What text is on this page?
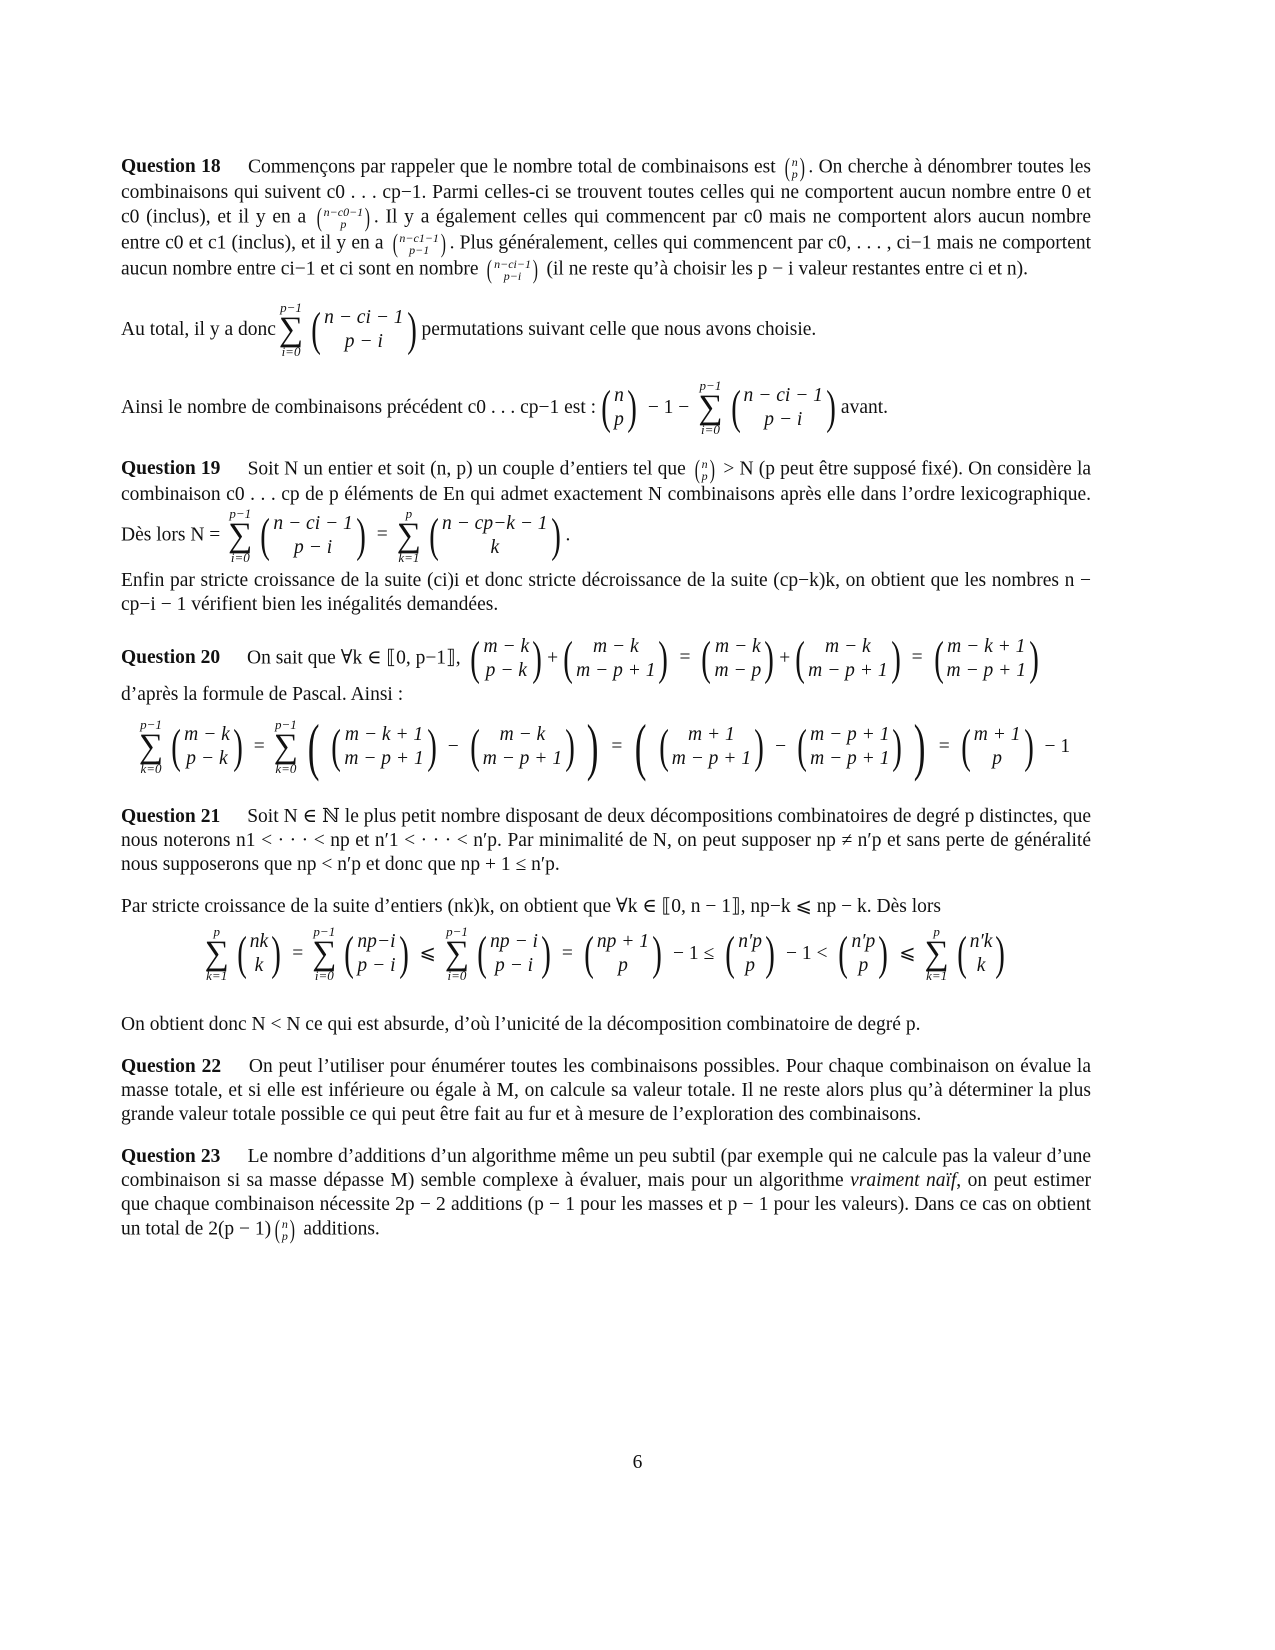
Question 18 Commençons par rappeler que le nombre total de combinaisons est ( n
p ) . On cherche à dénombrer toutes les combinaisons qui suivent c0 . . . cp−1. Parmi celles-ci se trouvent toutes celles qui ne comportent aucun nombre entre 0 et c0 (inclus), et il y en a ( n−c0−1
p ) . Il y a également celles qui commencent par c0 mais ne comportent alors aucun nombre entre c0 et c1 (inclus), et il y en a ( n−c1−1
p−1 ) . Plus généralement, celles qui commencent par c0, . . . , ci−1 mais ne comportent aucun nombre entre ci−1 et ci sont en nombre ( n−ci−1
p−i ) (il ne reste qu’à choisir les p − i valeur restantes entre ci et n).

Au total, il y a donc
p−1
∑
i=0 ( n − ci − 1
p − i ) permutations suivant celle que nous avons choisie.
Ainsi le nombre de combinaisons précédent c0 . . . cp−1 est : ( n
p ) − 1 −
p−1
∑
i=0 ( n − ci − 1
p − i ) avant.

Question 19 Soit N un entier et soit (n, p) un couple d’entiers tel que ( n
p ) > N (p peut être supposé fixé). On considère la combinaison c0 . . . cp de p éléments de En qui admet exactement N combinaisons après elle dans l’ordre lexicographique. Dès lors N =
p−1
∑
i=0 ( n − ci − 1
p − i ) =
p
∑
k=1 ( n − cp−k − 1
k ) .

Enfin par stricte croissance de la suite (ci)i et donc stricte décroissance de la suite (cp−k)k, on obtient que les nombres n − cp−i − 1 vérifient bien les inégalités demandées.

Question 20 On sait que ∀k ∈ ⟦0, p−1⟧, ( m − k
p − k ) + ( m − k
m − p + 1 ) = ( m − k
m − p ) + ( m − k
m − p + 1 ) = ( m − k + 1
m − p + 1 )

d’après la formule de Pascal. Ainsi :

p−1
∑
k=0 ( m − k
p − k ) =
p−1
∑
k=0 ( ( m − k + 1
m − p + 1 ) − ( m − k
m − p + 1 ) ) = ( ( m + 1
m − p + 1 ) − ( m − p + 1
m − p + 1 ) ) = ( m + 1
p ) − 1

Question 21 Soit N ∈ ℕ le plus petit nombre disposant de deux décompositions combinatoires de degré p distinctes, que nous noterons n1 < · · · < np et n′1 < · · · < n′p. Par minimalité de N, on peut supposer np ≠ n′p et sans perte de généralité nous supposerons que np < n′p et donc que np + 1 ≤ n′p.

Par stricte croissance de la suite d’entiers (nk)k, on obtient que ∀k ∈ ⟦0, n − 1⟧, np−k ⩽ np − k. Dès lors

p
∑
k=1 ( nk
k ) =
p−1
∑
i=0 ( np−i
p − i ) ⩽
p−1
∑
i=0 ( np − i
p − i ) = ( np + 1
p ) − 1 ≤ ( n′p
p ) − 1 < ( n′p
p ) ⩽
p
∑
k=1 ( n′k
k )

On obtient donc N < N ce qui est absurde, d’où l’unicité de la décomposition combinatoire de degré p.

Question 22 On peut l’utiliser pour énumérer toutes les combinaisons possibles. Pour chaque combinaison on évalue la masse totale, et si elle est inférieure ou égale à M, on calcule sa valeur totale. Il ne reste alors plus qu’à déterminer la plus grande valeur totale possible ce qui peut être fait au fur et à mesure de l’exploration des combinaisons.

Question 23 Le nombre d’additions d’un algorithme même un peu subtil (par exemple qui ne calcule pas la valeur d’une combinaison si sa masse dépasse M) semble complexe à évaluer, mais pour un algorithme vraiment naïf, on peut estimer que chaque combinaison nécessite 2p − 2 additions (p − 1 pour les masses et p − 1 pour les valeurs). Dans ce cas on obtient un total de 2(p − 1) ( n
p ) additions.

6
